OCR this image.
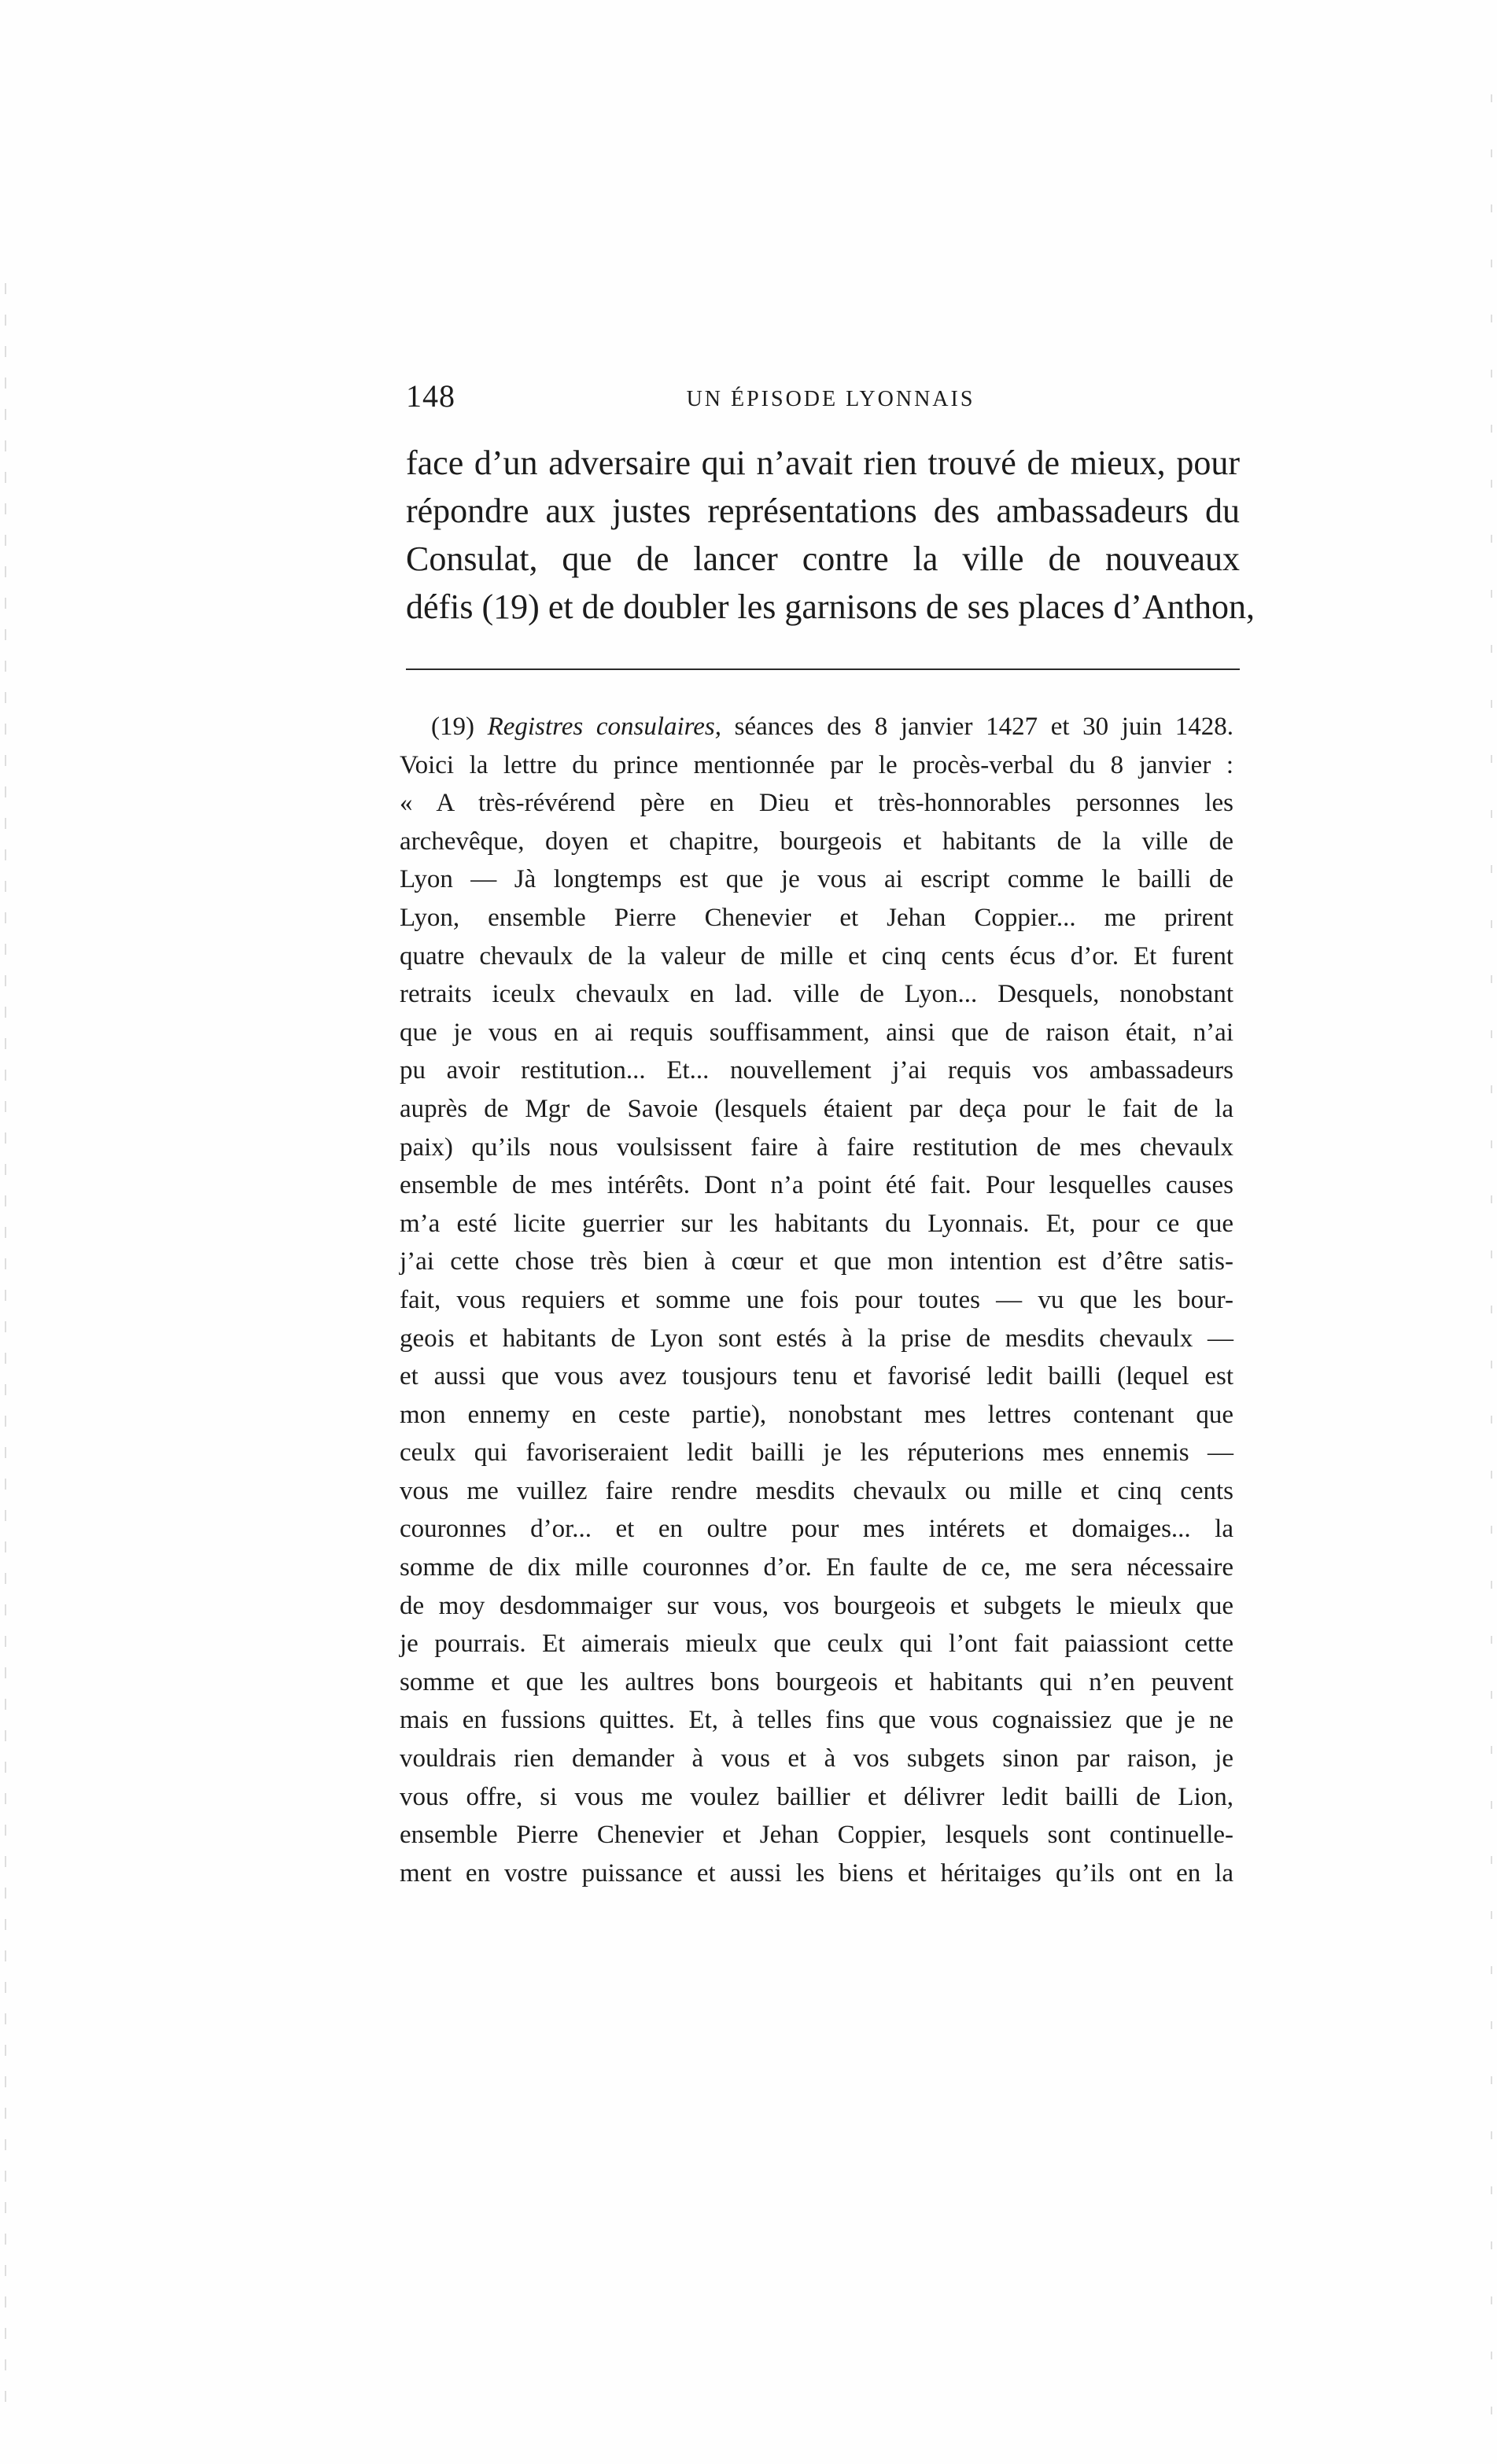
148	UN ÉPISODE LYONNAIS
face d’un adversaire qui n’avait rien trouvé de mieux, pour
répondre aux justes représentations des ambassadeurs du
Consulat, que de lancer contre la ville de nouveaux
défis (19) et de doubler les garnisons de ses places d’Anthon,
(19) Registres consulaires, séances des 8 janvier 1427 et 30 juin 1428.
Voici la lettre du prince mentionnée par le procès-verbal du 8 janvier :
« A très-révérend père en Dieu et très-honnorables personnes les
archevêque, doyen et chapitre, bourgeois et habitants de la ville de
Lyon — Jà longtemps est que je vous ai escript comme le bailli de
Lyon, ensemble Pierre Chenevier et Jehan Coppier... me prirent
quatre chevaulx de la valeur de mille et cinq cents écus d’or. Et furent
retraits iceulx chevaulx en lad. ville de Lyon... Desquels, nonobstant
que je vous en ai requis souffisamment, ainsi que de raison était, n’ai
pu avoir restitution... Et... nouvellement j’ai requis vos ambassadeurs
auprès de Mgr de Savoie (lesquels étaient par deça pour le fait de la
paix) qu’ils nous voulsissent faire à faire restitution de mes chevaulx
ensemble de mes intérêts. Dont n’a point été fait. Pour lesquelles causes
m’a esté licite guerrier sur les habitants du Lyonnais. Et, pour ce que
j’ai cette chose très bien à cœur et que mon intention est d’être satis-
fait, vous requiers et somme une fois pour toutes — vu que les bour-
geois et habitants de Lyon sont estés à la prise de mesdits chevaulx —
et aussi que vous avez tousjours tenu et favorisé ledit bailli (lequel est
mon ennemy en ceste partie), nonobstant mes lettres contenant que
ceulx qui favoriseraient ledit bailli je les réputerions mes ennemis —
vous me vuillez faire rendre mesdits chevaulx ou mille et cinq cents
couronnes d’or... et en oultre pour mes intérets et domaiges... la
somme de dix mille couronnes d’or. En faulte de ce, me sera nécessaire
de moy desdommaiger sur vous, vos bourgeois et subgets le mieulx que
je pourrais. Et aimerais mieulx que ceulx qui l’ont fait paiassiont cette
somme et que les aultres bons bourgeois et habitants qui n’en peuvent
mais en fussions quittes. Et, à telles fins que vous cognaissiez que je ne
vouldrais rien demander à vous et à vos subgets sinon par raison, je
vous offre, si vous me voulez baillier et délivrer ledit bailli de Lion,
ensemble Pierre Chenevier et Jehan Coppier, lesquels sont continuelle-
ment en vostre puissance et aussi les biens et héritaiges qu’ils ont en la
